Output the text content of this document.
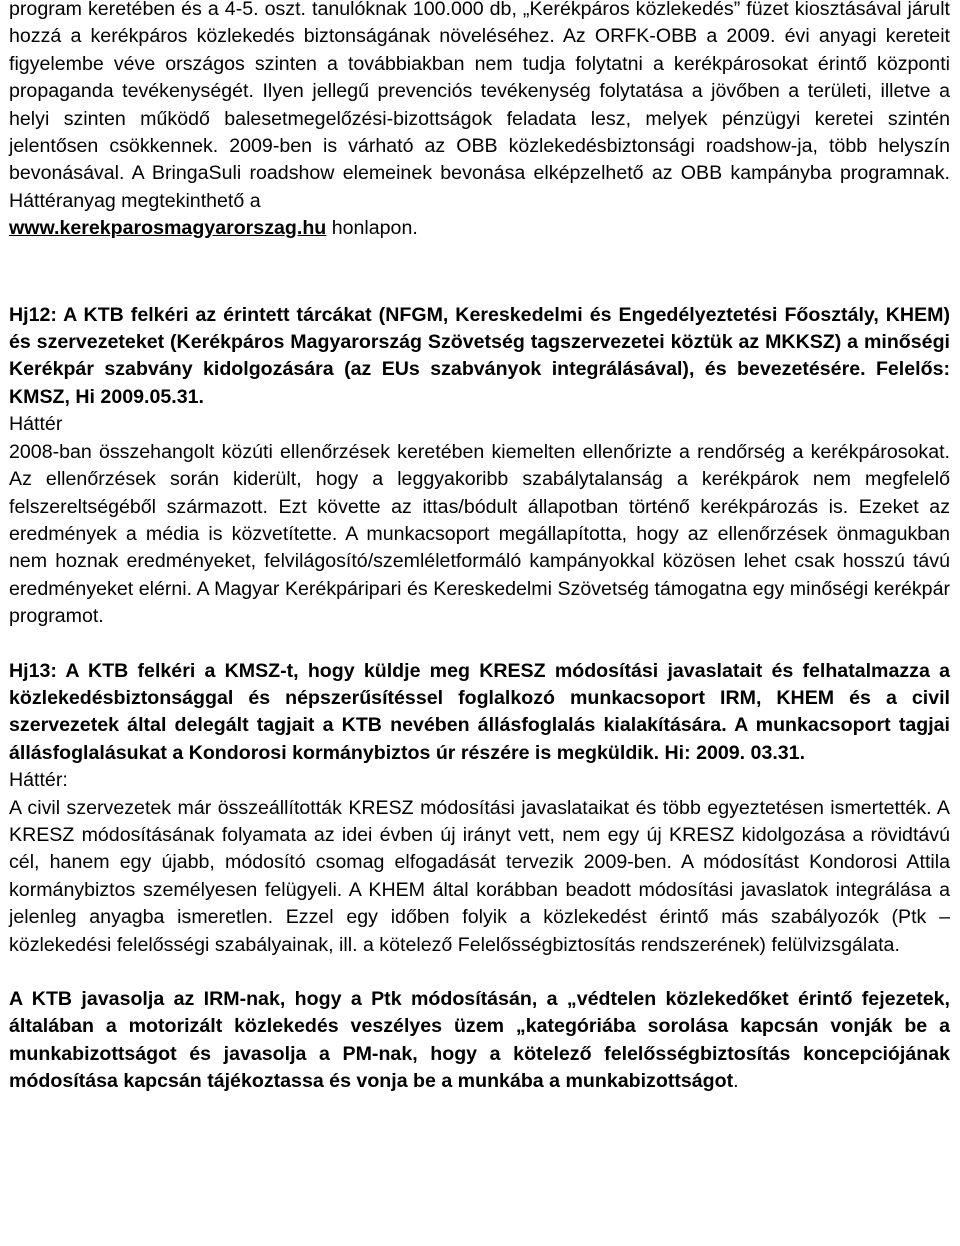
program keretében és a 4-5. oszt. tanulóknak 100.000 db, „Kerékpáros közlekedés” füzet kiosztásával járult hozzá a kerékpáros közlekedés biztonságának növeléséhez. Az ORFK-OBB a 2009. évi anyagi kereteit figyelembe véve országos szinten a továbbiakban nem tudja folytatni a kerékpárosokat érintő központi propaganda tevékenységét. Ilyen jellegű prevenciós tevékenység folytatása a jövőben a területi, illetve a helyi szinten működő balesetmegelőzési-bizottságok feladata lesz, melyek pénzügyi keretei szintén jelentősen csökkennek. 2009-ben is várható az OBB közlekedésbiztonsági roadshow-ja, több helyszín bevonásával. A BringaSuli roadshow elemeinek bevonása elképzelhető az OBB kampányba programnak. Háttéranyag megtekinthető a
www.kerekparosmagyarorszag.hu honlapon.

Hj12: A KTB felkéri az érintett tárcákat (NFGM, Kereskedelmi és Engedélyeztetési Főosztály, KHEM) és szervezeteket (Kerékpáros Magyarország Szövetség tagszervezetei köztük az MKKSZ) a minőségi Kerékpár szabvány kidolgozására (az EUs szabványok integrálásával), és bevezetésére. Felelős: KMSZ, Hi 2009.05.31.

Háttér

2008-ban összehangolt közúti ellenőrzések keretében kiemelten ellenőrizte a rendőrség a kerékpárosokat. Az ellenőrzések során kiderült, hogy a leggyakoribb szabálytalanság a kerékpárok nem megfelelő felszereltségéből származott. Ezt követte az ittas/bódult állapotban történő kerékpározás is. Ezeket az eredmények a média is közvetítette. A munkacsoport megállapította, hogy az ellenőrzések önmagukban nem hoznak eredményeket, felvilágosító/szemléletformáló kampányokkal közösen lehet csak hosszú távú eredményeket elérni. A Magyar Kerékpáripari és Kereskedelmi Szövetség támogatna egy minőségi kerékpár programot.

Hj13: A KTB felkéri a KMSZ-t, hogy küldje meg KRESZ módosítási javaslatait és felhatalmazza a közlekedésbiztonsággal és népszerűsítéssel foglalkozó munkacsoport IRM, KHEM és a civil szervezetek által delegált tagjait a KTB nevében állásfoglalás kialakítására. A munkacsoport tagjai állásfoglalásukat a Kondorosi kormánybiztos úr részére is megküldik. Hi: 2009. 03.31.

Háttér:

A civil szervezetek már összeállították KRESZ módosítási javaslataikat és több egyeztetésen ismertették. A KRESZ módosításának folyamata az idei évben új irányt vett, nem egy új KRESZ kidolgozása a rövidtávú cél, hanem egy újabb, módosító csomag elfogadását tervezik 2009-ben. A módosítást Kondorosi Attila kormánybiztos személyesen felügyeli. A KHEM által korábban beadott módosítási javaslatok integrálása a jelenleg anyagba ismeretlen. Ezzel egy időben folyik a közlekedést érintő más szabályozók (Ptk – közlekedési felelősségi szabályainak, ill. a kötelező Felelősségbiztosítás rendszerének) felülvizsgálata.

A KTB javasolja az IRM-nak, hogy a Ptk módosításán, a „védtelen közlekedőket érintő fejezetek, általában a motorizált közlekedés veszélyes üzem „kategóriába sorolása kapcsán vonják be a munkabizottságot és javasolja a PM-nak, hogy a kötelező felelősségbiztosítás koncepciójának módosítása kapcsán tájékoztassa és vonja be a munkába a munkabizottságot.
